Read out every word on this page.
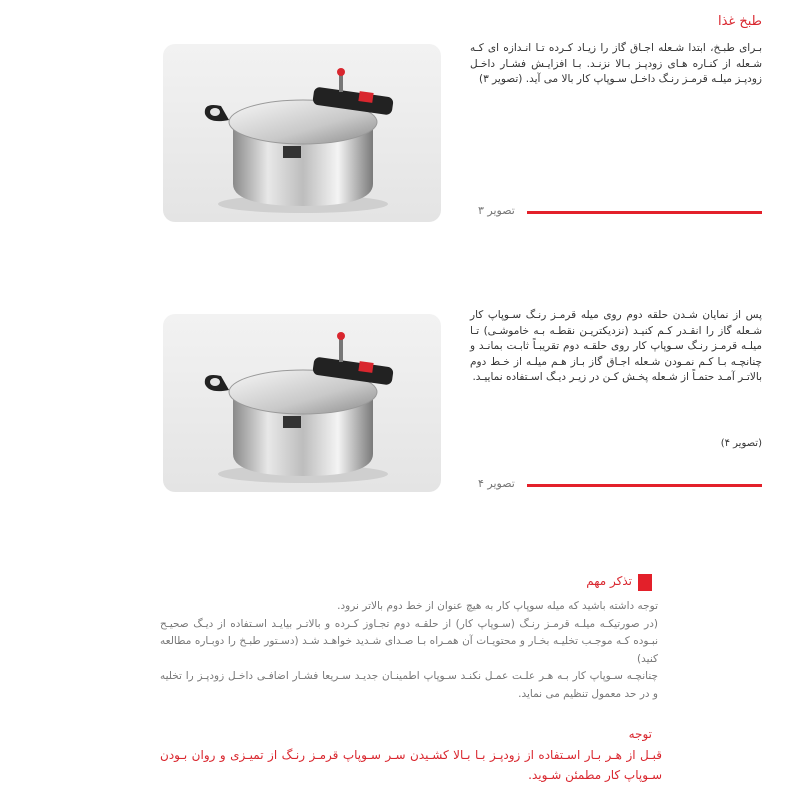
طبخ غذا
بـرای طبـخ، ابتدا شـعله اجـاق گاز را زیـاد کـرده تـا انـدازه ای کـه شـعله از کنـاره هـای زودپـز بـالا نزنـد. بـا افزایـش فشـار داخـل زودپـز میلـه قرمـز رنـگ داخـل سـوپاپ کار بالا می آید. (تصویر ۳)
تصویر ۳
پس از نمایان شـدن حلقه دوم روی میله قرمـز رنـگ سـوپاپ کار شـعله گاز را انقـدر کـم کنیـد (نزدیکتریـن نقطـه بـه خاموشـی) تـا میلـه قرمـز رنـگ سـوپاپ کار روی حلقـه دوم تقریبـاً ثابـت بمانـد و چنانچـه بـا کـم نمـودن شـعله اجـاق گاز بـاز هـم میلـه از خـط دوم بالاتـر آمـد حتمـاً از شـعله پخـش کـن در زیـر دیـگ اسـتفاده نماییـد.
(تصویر ۴)
تصویر ۴
تذکر مهم
توجه داشته باشید که میله سوپاپ کار به هیچ عنوان از خط دوم بالاتر نرود.
(در صورتیکـه میلـه قرمـز رنـگ (سـوپاپ کار) از حلقـه دوم تجـاوز کـرده و بالاتـر بیایـد اسـتفاده از دیـگ صحیـح نبـوده کـه موجـب تخلیـه بخـار و محتویـات آن همـراه بـا صـدای شـدید خواهـد شـد (دسـتور طبـخ را دوبـاره مطالعه کنید)
چنانچـه سـوپاپ کار بـه هـر علـت عمـل نکنـد سـوپاپ اطمینـان جدیـد سـریعا فشـار اضافـی داخـل زودپـز را تخلیه و در حد معمول تنظیم می نماید.
توجه
قبـل از هـر بـار اسـتفاده از زودپـز بـا بـالا کشـیدن سـر سـوپاپ قرمـز رنـگ از تمیـزی و روان بـودن سـوپاپ کار مطمئن شـوید.
